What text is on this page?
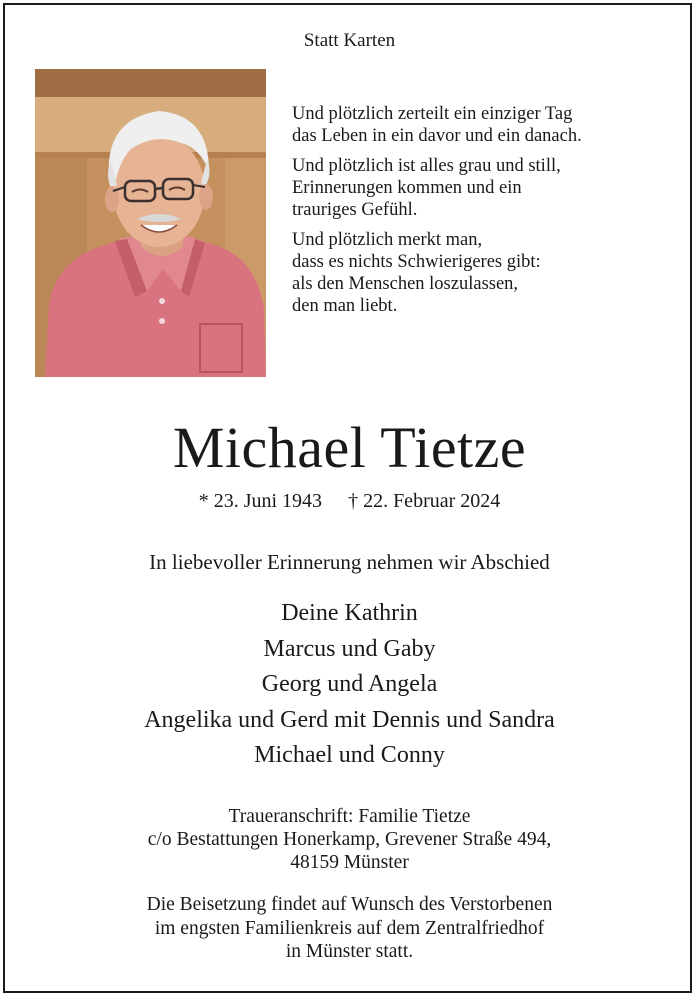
Statt Karten

Und plötzlich zerteilt ein einziger Tag
das Leben in ein davor und ein danach.

Und plötzlich ist alles grau und still,
Erinnerungen kommen und ein
trauriges Gefühl.

Und plötzlich merkt man,
dass es nichts Schwierigeres gibt:
als den Menschen loszulassen,
den man liebt.

Michael Tietze
* 23. Juni 1943 † 22. Februar 2024
In liebevoller Erinnerung nehmen wir Abschied
Deine Kathrin
Marcus und Gaby
Georg und Angela
Angelika und Gerd mit Dennis und Sandra
Michael und Conny
Traueranschrift: Familie Tietze
c/o Bestattungen Honerkamp, Grevener Straße 494,
48159 Münster
Die Beisetzung findet auf Wunsch des Verstorbenen
im engsten Familienkreis auf dem Zentralfriedhof
in Münster statt.
